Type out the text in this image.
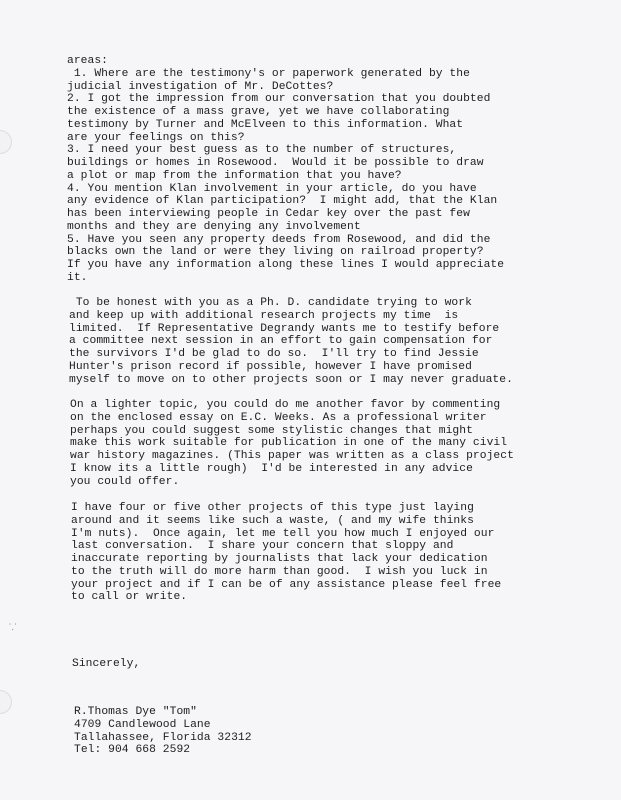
⸪
areas:
1. Where are the testimony's or paperwork generated by the
judicial investigation of Mr. DeCottes?
2. I got the impression from our conversation that you doubted
the existence of a mass grave, yet we have collaborating
testimony by Turner and McElveen to this information. What
are your feelings on this?
3. I need your best guess as to the number of structures,
buildings or homes in Rosewood.  Would it be possible to draw
a plot or map from the information that you have?
4. You mention Klan involvement in your article, do you have
any evidence of Klan participation?  I might add, that the Klan
has been interviewing people in Cedar key over the past few
months and they are denying any involvement
5. Have you seen any property deeds from Rosewood, and did the
blacks own the land or were they living on railroad property?
If you have any information along these lines I would appreciate
it.
To be honest with you as a Ph. D. candidate trying to work
and keep up with additional research projects my time  is
limited.  If Representative Degrandy wants me to testify before
a committee next session in an effort to gain compensation for
the survivors I'd be glad to do so.  I'll try to find Jessie
Hunter's prison record if possible, however I have promised
myself to move on to other projects soon or I may never graduate.
On a lighter topic, you could do me another favor by commenting
on the enclosed essay on E.C. Weeks. As a professional writer
perhaps you could suggest some stylistic changes that might
make this work suitable for publication in one of the many civil
war history magazines. (This paper was written as a class project
I know its a little rough)  I'd be interested in any advice
you could offer.
I have four or five other projects of this type just laying
around and it seems like such a waste, ( and my wife thinks
I'm nuts).  Once again, let me tell you how much I enjoyed our
last conversation.  I share your concern that sloppy and
inaccurate reporting by journalists that lack your dedication
to the truth will do more harm than good.  I wish you luck in
your project and if I can be of any assistance please feel free
to call or write.
Sincerely,
R.Thomas Dye "Tom"
4709 Candlewood Lane
Tallahassee, Florida 32312
Tel: 904 668 2592
